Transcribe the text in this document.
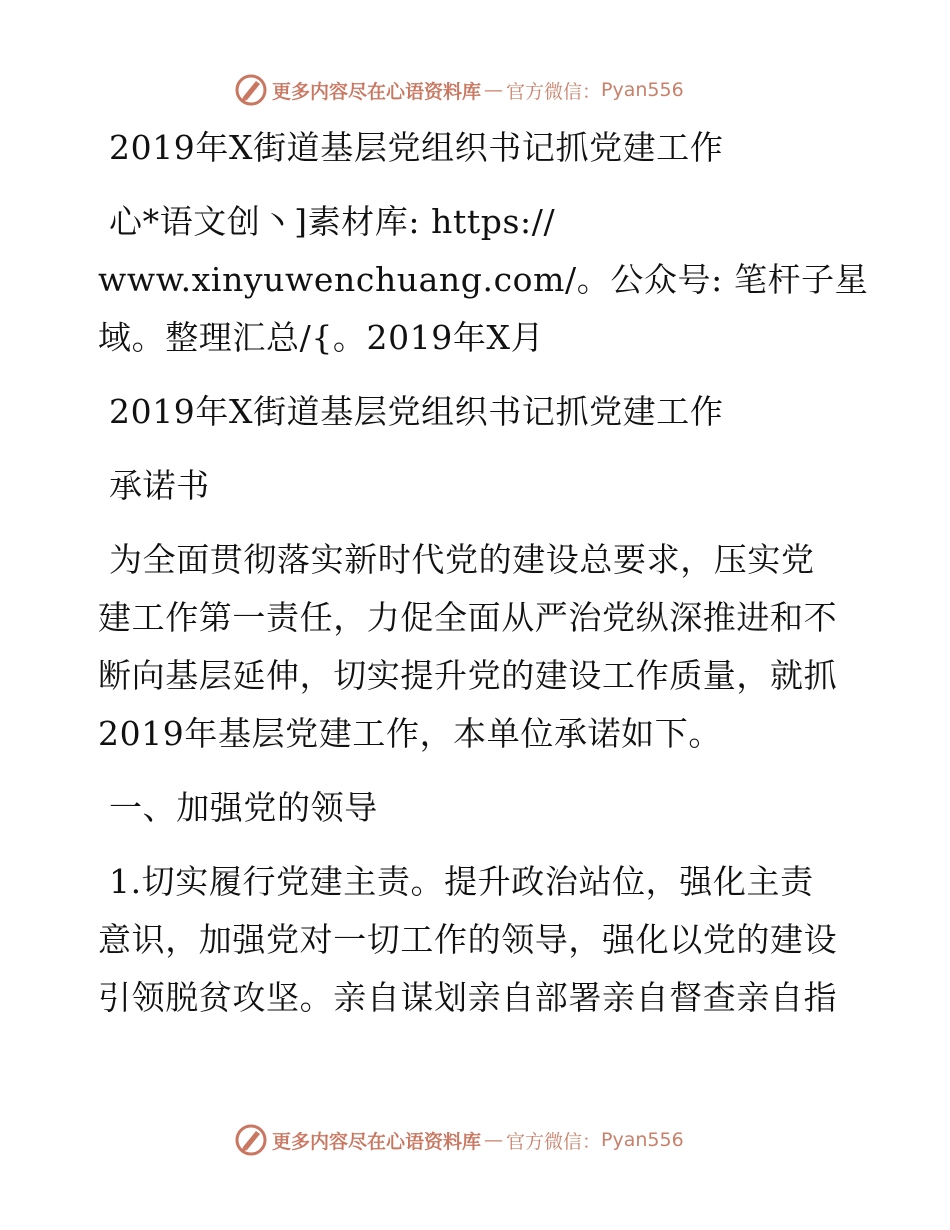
更多内容尽在心语资料库 — 官方微信： Pyan556
2019年X街道基层党组织书记抓党建工作
心*语文创丶]素材库: https://
www.xinyuwenchuang.com/。公众号: 笔杆子星
域。整理汇总/{。2019年X月
2019年X街道基层党组织书记抓党建工作
承诺书
为全面贯彻落实新时代党的建设总要求，压实党
建工作第一责任，力促全面从严治党纵深推进和不
断向基层延伸，切实提升党的建设工作质量，就抓
2019年基层党建工作，本单位承诺如下。
一、加强党的领导
1.切实履行党建主责。提升政治站位，强化主责
意识，加强党对一切工作的领导，强化以党的建设
引领脱贫攻坚。亲自谋划亲自部署亲自督查亲自指
更多内容尽在心语资料库 — 官方微信： Pyan556
